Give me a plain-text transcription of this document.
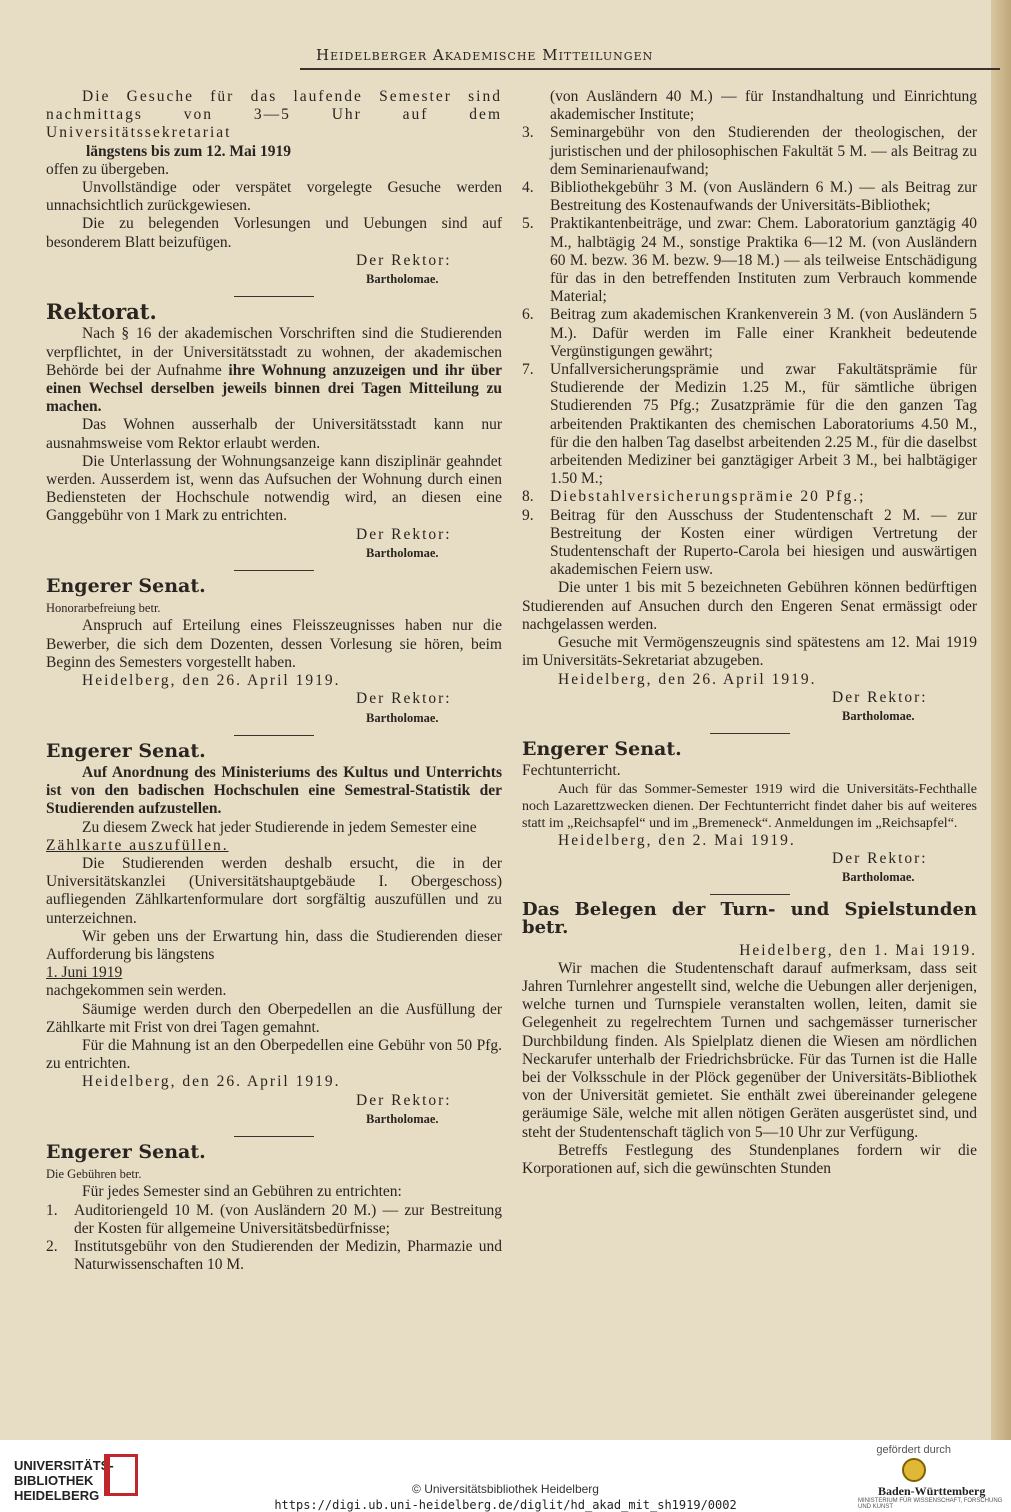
Heidelberger Akademische Mitteilungen

Die Gesuche für das laufende Semester sind nachmittags von 3—5 Uhr auf dem Universitätssekretariat

längstens bis zum 12. Mai 1919

offen zu übergeben.

Unvollständige oder verspätet vorgelegte Gesuche werden unnachsichtlich zurückgewiesen.

Die zu belegenden Vorlesungen und Uebungen sind auf besonderem Blatt beizufügen.

Der Rektor:

Bartholomae.

Rektorat.

Nach § 16 der akademischen Vorschriften sind die Studierenden verpflichtet, in der Universitätsstadt zu wohnen, der akademischen Behörde bei der Aufnahme ihre Wohnung anzuzeigen und ihr über einen Wechsel derselben jeweils binnen drei Tagen Mitteilung zu machen.

Das Wohnen ausserhalb der Universitätsstadt kann nur ausnahmsweise vom Rektor erlaubt werden.

Die Unterlassung der Wohnungsanzeige kann disziplinär geahndet werden. Ausserdem ist, wenn das Aufsuchen der Wohnung durch einen Bediensteten der Hochschule notwendig wird, an diesen eine Ganggebühr von 1 Mark zu entrichten.

Der Rektor:

Bartholomae.

Engerer Senat.

Honorarbefreiung betr.

Anspruch auf Erteilung eines Fleisszeugnisses haben nur die Bewerber, die sich dem Dozenten, dessen Vorlesung sie hören, beim Beginn des Semesters vorgestellt haben.

Heidelberg, den 26. April 1919.

Der Rektor:

Bartholomae.

Engerer Senat.

Auf Anordnung des Ministeriums des Kultus und Unterrichts ist von den badischen Hochschulen eine Semestral-Statistik der Studierenden aufzustellen.

Zu diesem Zweck hat jeder Studierende in jedem Semester eine

Zählkarte auszufüllen.

Die Studierenden werden deshalb ersucht, die in der Universitätskanzlei (Universitätshauptgebäude I. Obergeschoss) aufliegenden Zählkartenformulare dort sorgfältig auszufüllen und zu unterzeichnen.

Wir geben uns der Erwartung hin, dass die Studierenden dieser Aufforderung bis längstens

1. Juni 1919

nachgekommen sein werden.

Säumige werden durch den Oberpedellen an die Ausfüllung der Zählkarte mit Frist von drei Tagen gemahnt.

Für die Mahnung ist an den Oberpedellen eine Gebühr von 50 Pfg. zu entrichten.

Heidelberg, den 26. April 1919.

Der Rektor:

Bartholomae.

Engerer Senat.

Die Gebühren betr.

Für jedes Semester sind an Gebühren zu entrichten:

1.	Auditoriengeld 10 M. (von Ausländern 20 M.) — zur Bestreitung der Kosten für allgemeine Universitätsbedürfnisse;
2.	Institutsgebühr von den Studierenden der Medizin, Pharmazie und Naturwissenschaften 10 M.

(von Ausländern 40 M.) — für Instandhaltung und Einrichtung akademischer Institute;

3.	Seminargebühr von den Studierenden der theologischen, der juristischen und der philosophischen Fakultät 5 M. — als Beitrag zu dem Seminarienaufwand;
4.	Bibliothekgebühr 3 M. (von Ausländern 6 M.) — als Beitrag zur Bestreitung des Kostenaufwands der Universitäts-Bibliothek;
5.	Praktikantenbeiträge, und zwar: Chem. Laboratorium ganztägig 40 M., halbtägig 24 M., sonstige Praktika 6—12 M. (von Ausländern 60 M. bezw. 36 M. bezw. 9—18 M.) — als teilweise Entschädigung für das in den betreffenden Instituten zum Verbrauch kommende Material;
6.	Beitrag zum akademischen Krankenverein 3 M. (von Ausländern 5 M.). Dafür werden im Falle einer Krankheit bedeutende Vergünstigungen gewährt;
7.	Unfallversicherungsprämie und zwar Fakultätsprämie für Studierende der Medizin 1.25 M., für sämtliche übrigen Studierenden 75 Pfg.; Zusatzprämie für die den ganzen Tag arbeitenden Praktikanten des chemischen Laboratoriums 4.50 M., für die den halben Tag daselbst arbeitenden 2.25 M., für die daselbst arbeitenden Mediziner bei ganztägiger Arbeit 3 M., bei halbtägiger 1.50 M.;
8.	Diebstahlversicherungsprämie 20 Pfg.;
9.	Beitrag für den Ausschuss der Studentenschaft 2 M. — zur Bestreitung der Kosten einer würdigen Vertretung der Studentenschaft der Ruperto-Carola bei hiesigen und auswärtigen akademischen Feiern usw.

Die unter 1 bis mit 5 bezeichneten Gebühren können bedürftigen Studierenden auf Ansuchen durch den Engeren Senat ermässigt oder nachgelassen werden.

Gesuche mit Vermögenszeugnis sind spätestens am 12. Mai 1919 im Universitäts-Sekretariat abzugeben.

Heidelberg, den 26. April 1919.

Der Rektor:

Bartholomae.

Engerer Senat.

Fechtunterricht.

Auch für das Sommer-Semester 1919 wird die Universitäts-Fechthalle noch Lazarettzwecken dienen. Der Fechtunterricht findet daher bis auf weiteres statt im „Reichsapfel“ und im „Bremeneck“. Anmeldungen im „Reichsapfel“.

Heidelberg, den 2. Mai 1919.

Der Rektor:

Bartholomae.

Das Belegen der Turn- und Spielstunden betr.

Heidelberg, den 1. Mai 1919.

Wir machen die Studentenschaft darauf aufmerksam, dass seit Jahren Turnlehrer angestellt sind, welche die Uebungen aller derjenigen, welche turnen und Turnspiele veranstalten wollen, leiten, damit sie Gelegenheit zu regelrechtem Turnen und sachgemässer turnerischer Durchbildung finden. Als Spielplatz dienen die Wiesen am nördlichen Neckarufer unterhalb der Friedrichsbrücke. Für das Turnen ist die Halle bei der Volksschule in der Plöck gegenüber der Universitäts-Bibliothek von der Universität gemietet. Sie enthält zwei übereinander gelegene geräumige Säle, welche mit allen nötigen Geräten ausgerüstet sind, und steht der Studentenschaft täglich von 5—10 Uhr zur Verfügung.

Betreffs Festlegung des Stundenplanes fordern wir die Korporationen auf, sich die gewünschten Stunden

UNIVERSITÄTS-
BIBLIOTHEK
HEIDELBERG	© Universitätsbibliothek Heidelberg
https://digi.ub.uni-heidelberg.de/diglit/hd_akad_mit_sh1919/0002
gefördert durch
Baden-Württemberg
MINISTERIUM FÜR WISSENSCHAFT, FORSCHUNG UND KUNST
